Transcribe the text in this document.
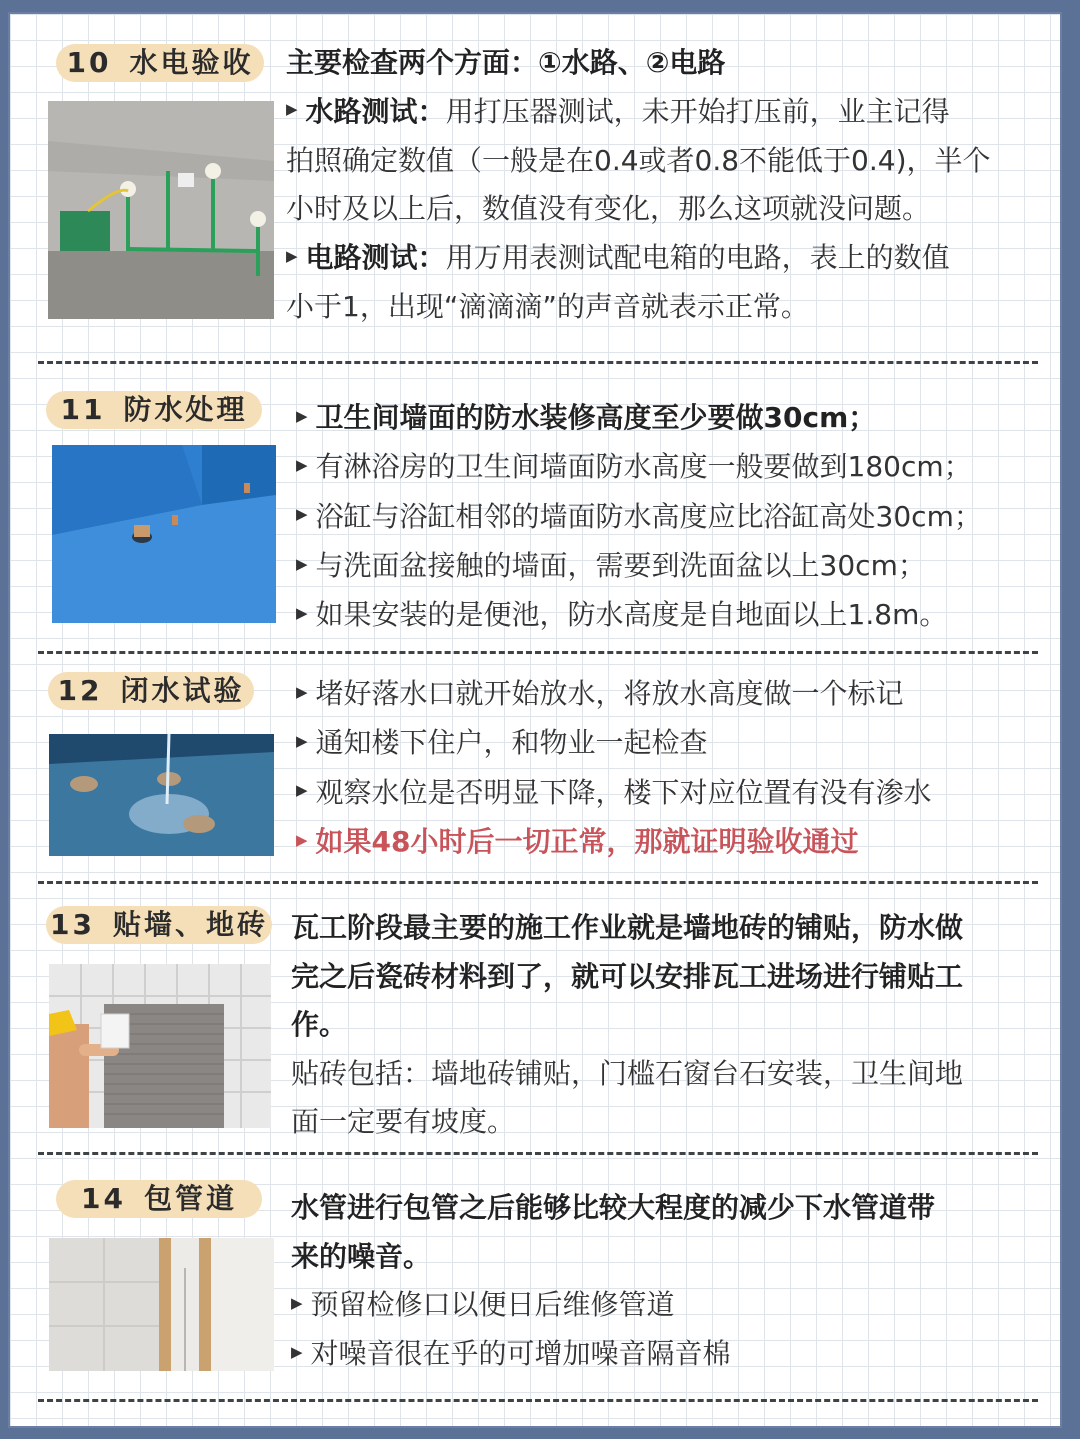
10 水电验收 主要检查两个方面：①水路、②电路
▶ 水路测试：用打压器测试，未开始打压前，业主记得
拍照确定数值（一般是在0.4或者0.8不能低于0.4)，半个
小时及以上后，数值没有变化，那么这项就没问题。
▶ 电路测试：用万用表测试配电箱的电路，表上的数值
小于1，出现“滴滴滴”的声音就表示正常。
11 防水处理	▶ 卫生间墙面的防水装修高度至少要做30cm；
▶ 有淋浴房的卫生间墙面防水高度一般要做到180cm；
▶ 浴缸与浴缸相邻的墙面防水高度应比浴缸高处30cm；
▶ 与洗面盆接触的墙面，需要到洗面盆以上30cm；
▶ 如果安装的是便池，防水高度是自地面以上1.8m。
12 闭水试验	▶ 堵好落水口就开始放水，将放水高度做一个标记
▶ 通知楼下住户，和物业一起检查
▶ 观察水位是否明显下降，楼下对应位置有没有渗水
▶ 如果48小时后一切正常，那就证明验收通过
13 贴墙、地砖 瓦工阶段最主要的施工作业就是墙地砖的铺贴，防水做
完之后瓷砖材料到了，就可以安排瓦工进场进行铺贴工
作。
贴砖包括：墙地砖铺贴，门槛石窗台石安装，卫生间地
面一定要有坡度。
14 包管道 水管进行包管之后能够比较大程度的减少下水管道带
来的噪音。
▶ 预留检修口以便日后维修管道
▶ 对噪音很在乎的可增加噪音隔音棉
